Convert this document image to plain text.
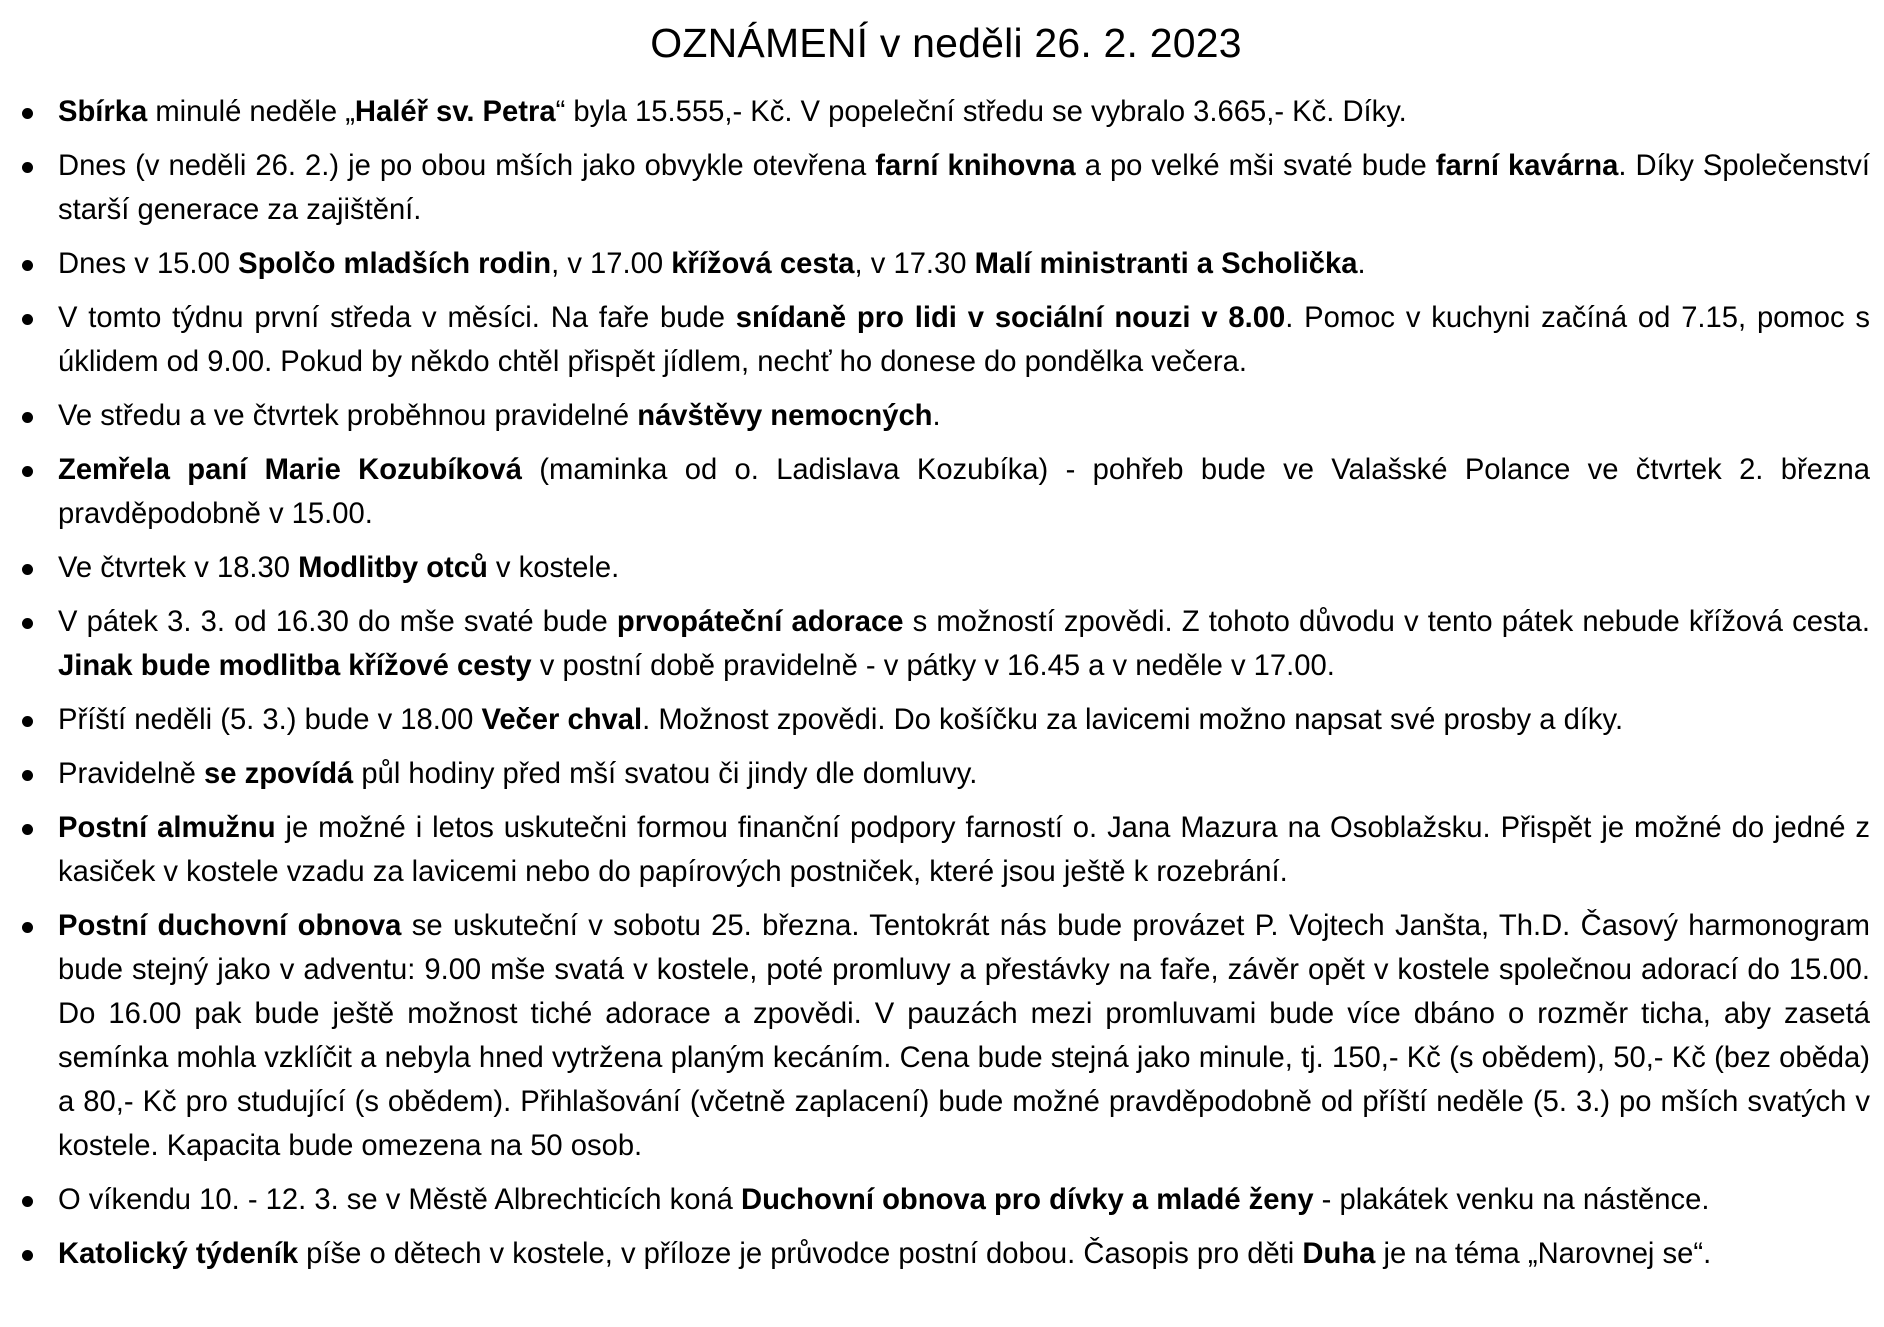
OZNÁMENÍ v neděli 26. 2. 2023
Sbírka minulé neděle „Haléř sv. Petra“ byla 15.555,- Kč. V popeleční středu se vybralo 3.665,- Kč. Díky.
Dnes (v neděli 26. 2.) je po obou mších jako obvykle otevřena farní knihovna a po velké mši svaté bude farní kavárna. Díky Společenství starší generace za zajištění.
Dnes v 15.00 Spolčo mladších rodin, v 17.00 křížová cesta, v 17.30 Malí ministranti a Scholička.
V tomto týdnu první středa v měsíci. Na faře bude snídaně pro lidi v sociální nouzi v 8.00. Pomoc v kuchyni začíná od 7.15, pomoc s úklidem od 9.00. Pokud by někdo chtěl přispět jídlem, nechť ho donese do pondělka večera.
Ve středu a ve čtvrtek proběhnou pravidelné návštěvy nemocných.
Zemřela paní Marie Kozubíková (maminka od o. Ladislava Kozubíka) - pohřeb bude ve Valašské Polance ve čtvrtek 2. března pravděpodobně v 15.00.
Ve čtvrtek v 18.30 Modlitby otců v kostele.
V pátek 3. 3. od 16.30 do mše svaté bude prvopáteční adorace s možností zpovědi. Z tohoto důvodu v tento pátek nebude křížová cesta. Jinak bude modlitba křížové cesty v postní době pravidelně - v pátky v 16.45 a v neděle v 17.00.
Příští neděli (5. 3.) bude v 18.00 Večer chval. Možnost zpovědi. Do košíčku za lavicemi možno napsat své prosby a díky.
Pravidelně se zpovídá půl hodiny před mší svatou či jindy dle domluvy.
Postní almužnu je možné i letos uskutečni formou finanční podpory farností o. Jana Mazura na Osoblažsku. Přispět je možné do jedné z kasiček v kostele vzadu za lavicemi nebo do papírových postniček, které jsou ještě k rozebrání.
Postní duchovní obnova se uskuteční v sobotu 25. března. Tentokrát nás bude provázet P. Vojtech Janšta, Th.D. Časový harmonogram bude stejný jako v adventu: 9.00 mše svatá v kostele, poté promluvy a přestávky na faře, závěr opět v kostele společnou adorací do 15.00. Do 16.00 pak bude ještě možnost tiché adorace a zpovědi. V pauzách mezi promluvami bude více dbáno o rozměr ticha, aby zasetá semínka mohla vzklíčit a nebyla hned vytržena planým kecáním. Cena bude stejná jako minule, tj. 150,- Kč (s obědem), 50,- Kč (bez oběda) a 80,- Kč pro studující (s obědem). Přihlašování (včetně zaplacení) bude možné pravděpodobně od příští neděle (5. 3.) po mších svatých v kostele. Kapacita bude omezena na 50 osob.
O víkendu 10. - 12. 3. se v Městě Albrechticích koná Duchovní obnova pro dívky a mladé ženy - plakátek venku na nástěnce.
Katolický týdeník píše o dětech v kostele, v příloze je průvodce postní dobou. Časopis pro děti Duha je na téma „Narovnej se“.
